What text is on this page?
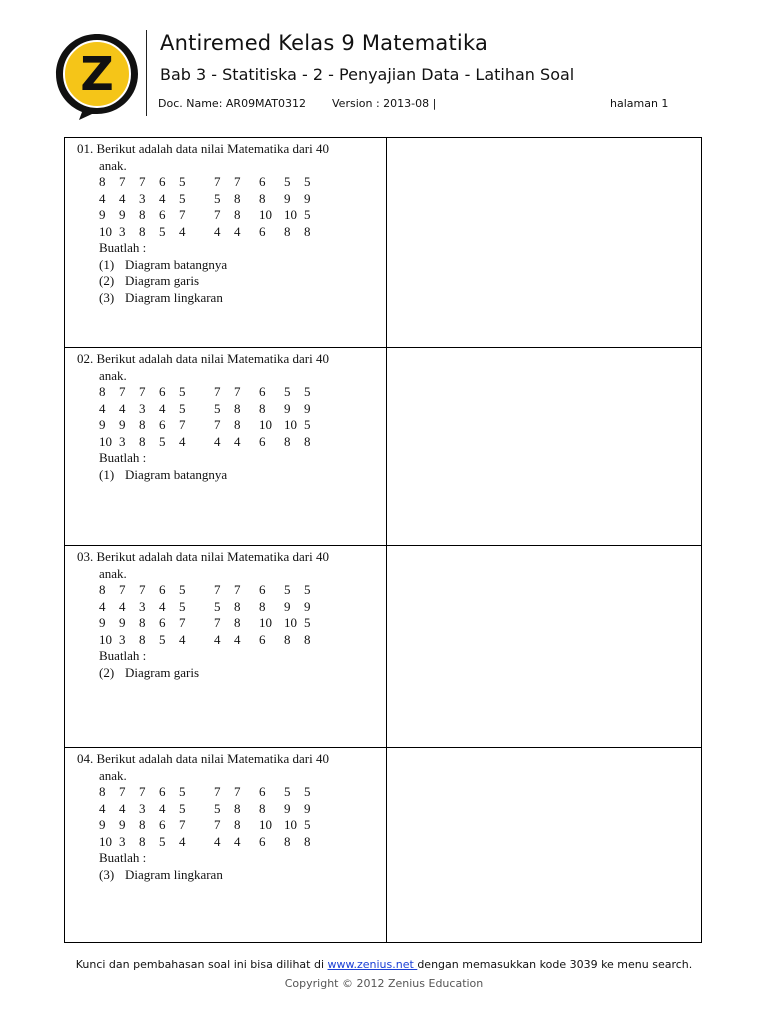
Z
Antiremed Kelas 9 Matematika
Bab 3 - Statitiska - 2 - Penyajian Data - Latihan Soal
Doc. Name: AR09MAT0312 Version : 2013-08 |	halaman 1
01. Berikut adalah data nilai Matematika dari 40
anak.
8 7 7 6 5 7 7 6 5 5
4 4 3 4 5 5 8 8 9 9
9 9 8 6 7 7 8 10 10 5
10 3 8 5 4 4 4 6 8 8
Buatlah :
(1) Diagram batangnya
(2) Diagram garis
(3) Diagram lingkaran
02. Berikut adalah data nilai Matematika dari 40
anak.
8 7 7 6 5 7 7 6 5 5
4 4 3 4 5 5 8 8 9 9
9 9 8 6 7 7 8 10 10 5
10 3 8 5 4 4 4 6 8 8
Buatlah :
(1) Diagram batangnya
03. Berikut adalah data nilai Matematika dari 40
anak.
8 7 7 6 5 7 7 6 5 5
4 4 3 4 5 5 8 8 9 9
9 9 8 6 7 7 8 10 10 5
10 3 8 5 4 4 4 6 8 8
Buatlah :
(2) Diagram garis
04. Berikut adalah data nilai Matematika dari 40
anak.
8 7 7 6 5 7 7 6 5 5
4 4 3 4 5 5 8 8 9 9
9 9 8 6 7 7 8 10 10 5
10 3 8 5 4 4 4 6 8 8
Buatlah :
(3) Diagram lingkaran
Kunci dan pembahasan soal ini bisa dilihat di www.zenius.net dengan memasukkan kode 3039 ke menu search.
Copyright © 2012 Zenius Education
